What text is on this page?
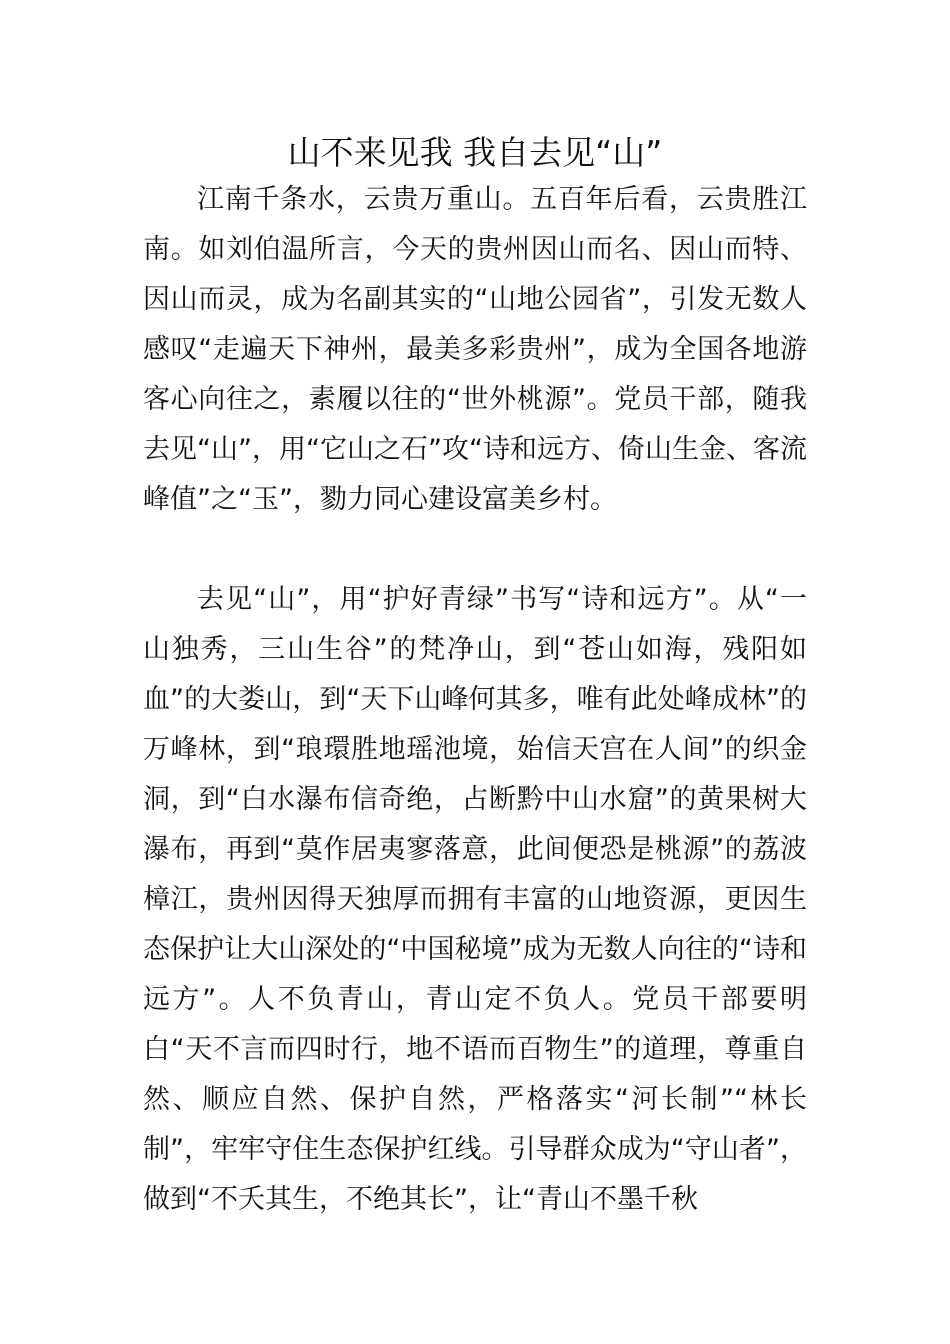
山不来见我 我自去见“山”

江南千条水，云贵万重山。五百年后看，云贵胜江南。如刘伯温所言，今天的贵州因山而名、因山而特、因山而灵，成为名副其实的“山地公园省”，引发无数人感叹“走遍天下神州，最美多彩贵州”，成为全国各地游客心向往之，素履以往的“世外桃源”。党员干部，随我去见“山”，用“它山之石”攻“诗和远方、倚山生金、客流峰值”之“玉”，勠力同心建设富美乡村。

去见“山”，用“护好青绿”书写“诗和远方”。从“一山独秀，三山生谷”的梵净山，到“苍山如海，残阳如血”的大娄山，到“天下山峰何其多，唯有此处峰成林”的万峰林，到“琅環胜地瑶池境，始信天宫在人间”的织金洞，到“白水瀑布信奇绝，占断黔中山水窟”的黄果树大瀑布，再到“莫作居夷寥落意，此间便恐是桃源”的荔波樟江，贵州因得天独厚而拥有丰富的山地资源，更因生态保护让大山深处的“中国秘境”成为无数人向往的“诗和远方”。人不负青山，青山定不负人。党员干部要明白“天不言而四时行，地不语而百物生”的道理，尊重自然、顺应自然、保护自然，严格落实“河长制”“林长制”，牢牢守住生态保护红线。引导群众成为“守山者”，做到“不夭其生，不绝其长”，让“青山不墨千秋
